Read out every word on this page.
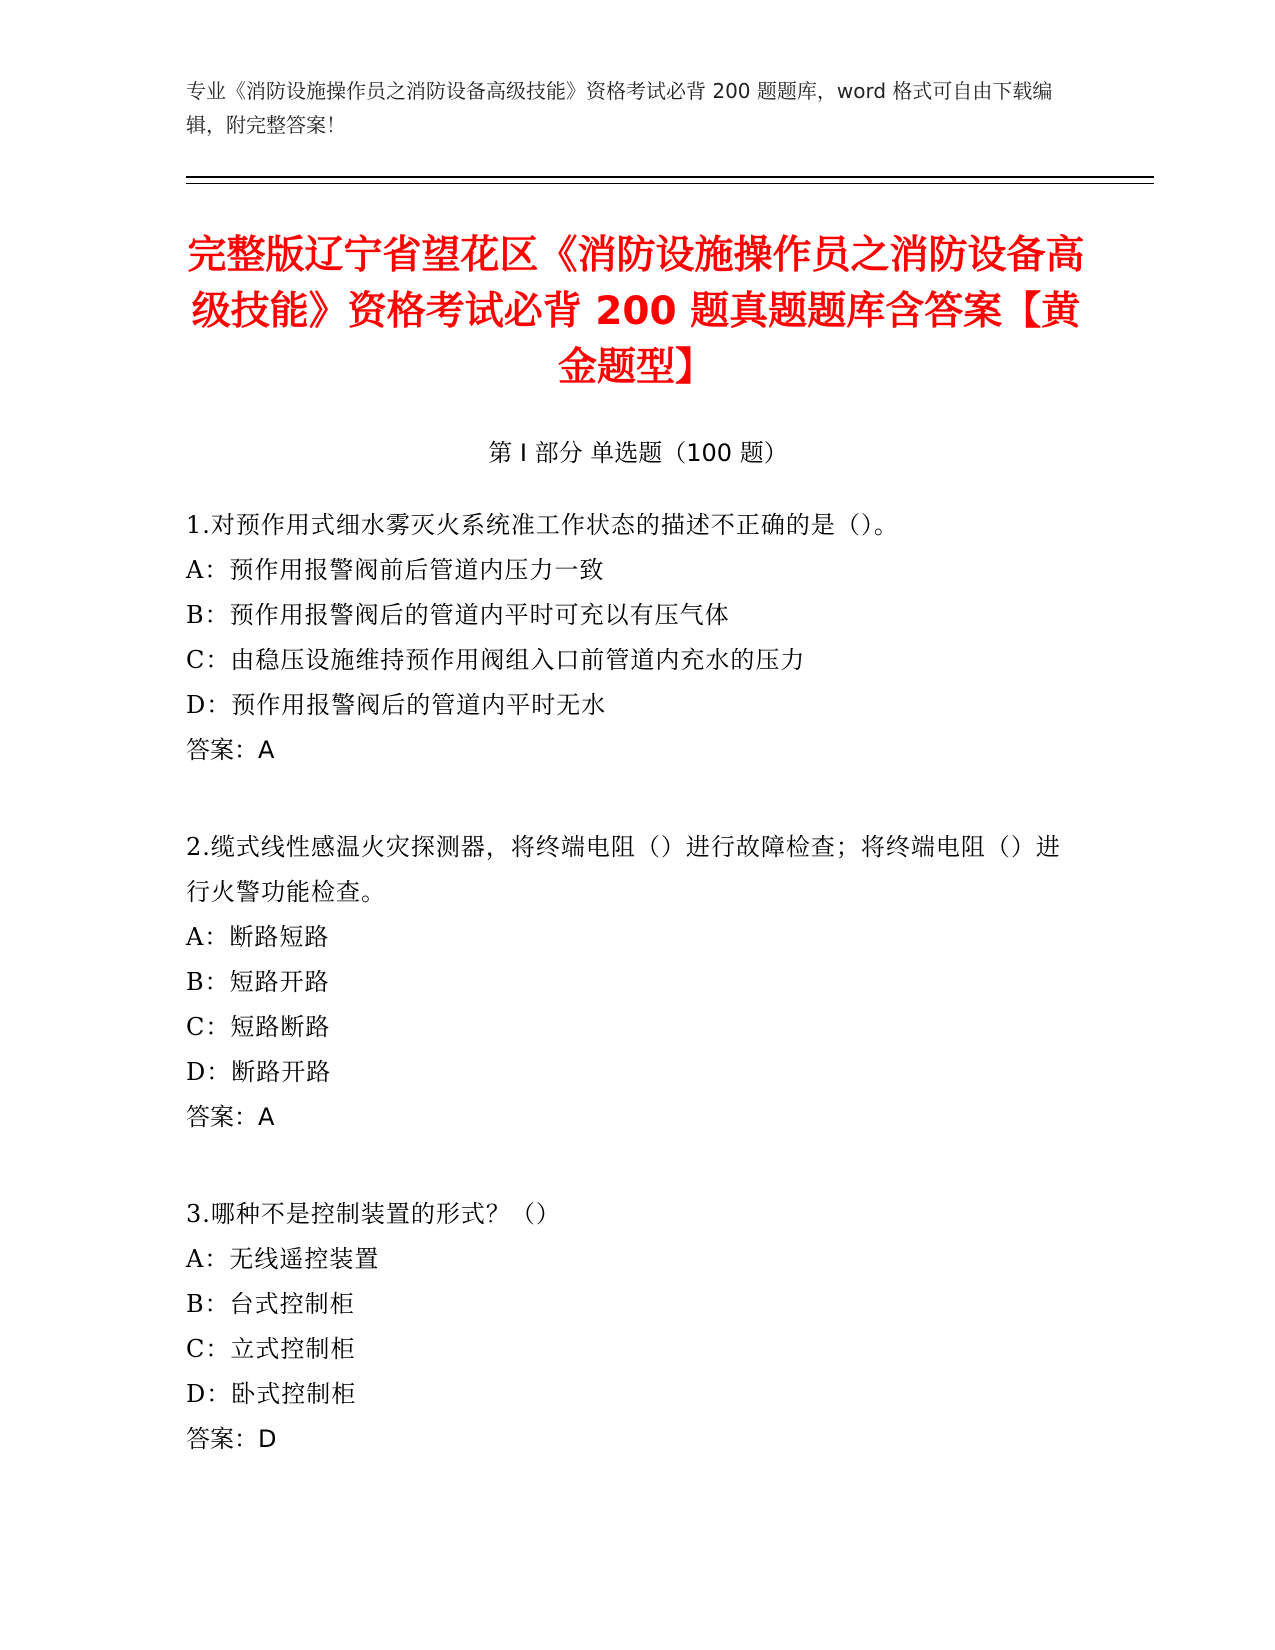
专业《消防设施操作员之消防设备高级技能》资格考试必背 200 题题库，word 格式可自由下载编辑，附完整答案！
完整版辽宁省望花区《消防设施操作员之消防设备高级技能》资格考试必背 200 题真题题库含答案【黄金题型】
第 I 部分 单选题（100 题）
1.对预作用式细水雾灭火系统准工作状态的描述不正确的是（）。
A：预作用报警阀前后管道内压力一致
B：预作用报警阀后的管道内平时可充以有压气体
C：由稳压设施维持预作用阀组入口前管道内充水的压力
D：预作用报警阀后的管道内平时无水
答案：A
2.缆式线性感温火灾探测器，将终端电阻（）进行故障检查；将终端电阻（）进行火警功能检查。
A：断路短路
B：短路开路
C：短路断路
D：断路开路
答案：A
3.哪种不是控制装置的形式？（）
A：无线遥控装置
B：台式控制柜
C：立式控制柜
D：卧式控制柜
答案：D
